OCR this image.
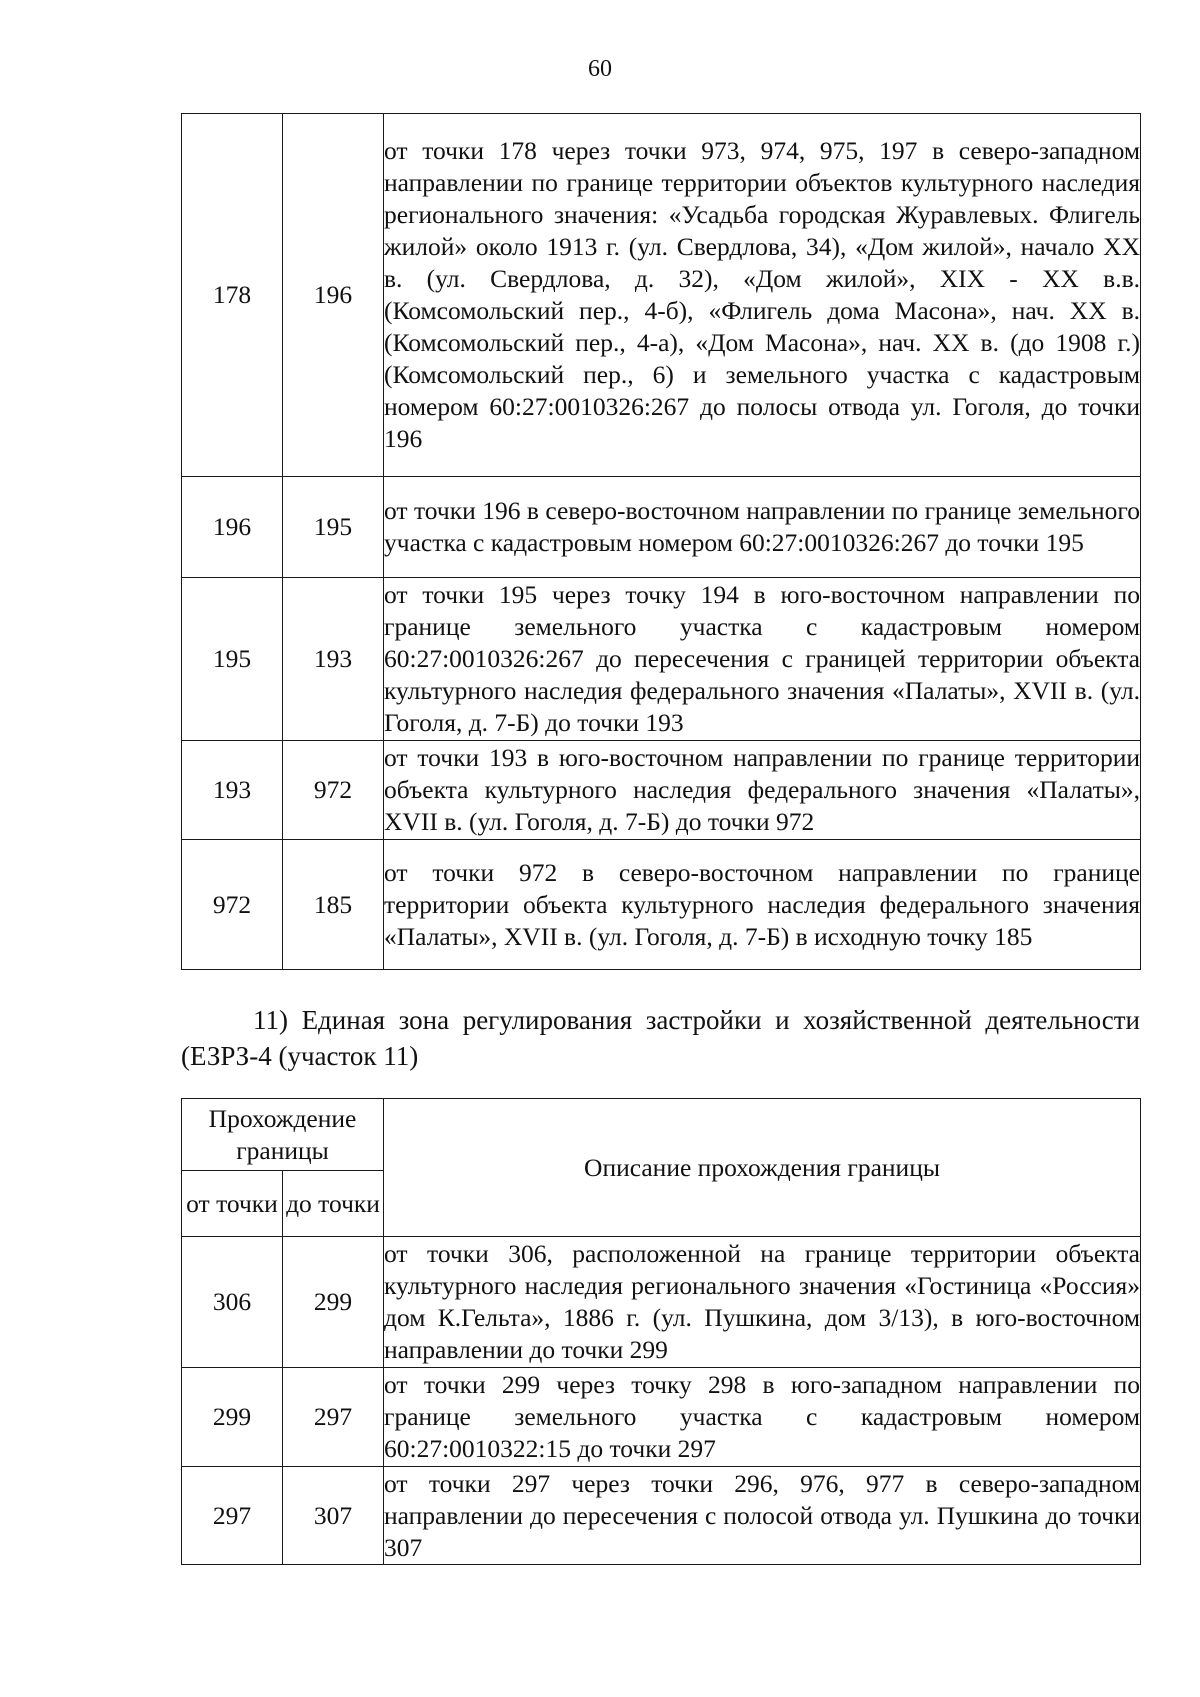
60
178	196	от точки 178 через точки 973, 974, 975, 197 в северо-западном направлении по границе территории объектов культурного наследия регионального значения: «Усадьба городская Журавлевых. Флигель жилой» около 1913 г. (ул. Свердлова, 34), «Дом жилой», начало XX в. (ул. Свердлова, д. 32), «Дом жилой», XIX - XX в.в. (Комсомольский пер., 4-б), «Флигель дома Масона», нач. XX в. (Комсомольский пер., 4-а), «Дом Масона», нач. XX в. (до 1908 г.) (Комсомольский пер., 6) и земельного участка с кадастровым номером 60:27:0010326:267 до полосы отвода ул. Гоголя, до точки 196
196	195	от точки 196 в северо-восточном направлении по границе земельного участка с кадастровым номером 60:27:0010326:267 до точки 195
195	193	от точки 195 через точку 194 в юго-восточном направлении по границе земельного участка с кадастровым номером 60:27:0010326:267 до пересечения с границей территории объекта культурного наследия федерального значения «Палаты», XVII в. (ул. Гоголя, д. 7-Б) до точки 193
193	972	от точки 193 в юго-восточном направлении по границе территории объекта культурного наследия федерального значения «Палаты», XVII в. (ул. Гоголя, д. 7-Б) до точки 972
972	185	от точки 972 в северо-восточном направлении по границе территории объекта культурного наследия федерального значения «Палаты», XVII в. (ул. Гоголя, д. 7-Б) в исходную точку 185
11) Единая зона регулирования застройки и хозяйственной деятельности (ЕЗРЗ-4 (участок 11)
Прохождение границы		Описание прохождения границы
от точки	до точки	
306	299	от точки 306, расположенной на границе территории объекта культурного наследия регионального значения «Гостиница «Россия» дом К.Гельта», 1886 г. (ул. Пушкина, дом 3/13), в юго-восточном направлении до точки 299
299	297	от точки 299 через точку 298 в юго-западном направлении по границе земельного участка с кадастровым номером 60:27:0010322:15 до точки 297
297	307	от точки 297 через точки 296, 976, 977 в северо-западном направлении до пересечения с полосой отвода ул. Пушкина до точки 307
